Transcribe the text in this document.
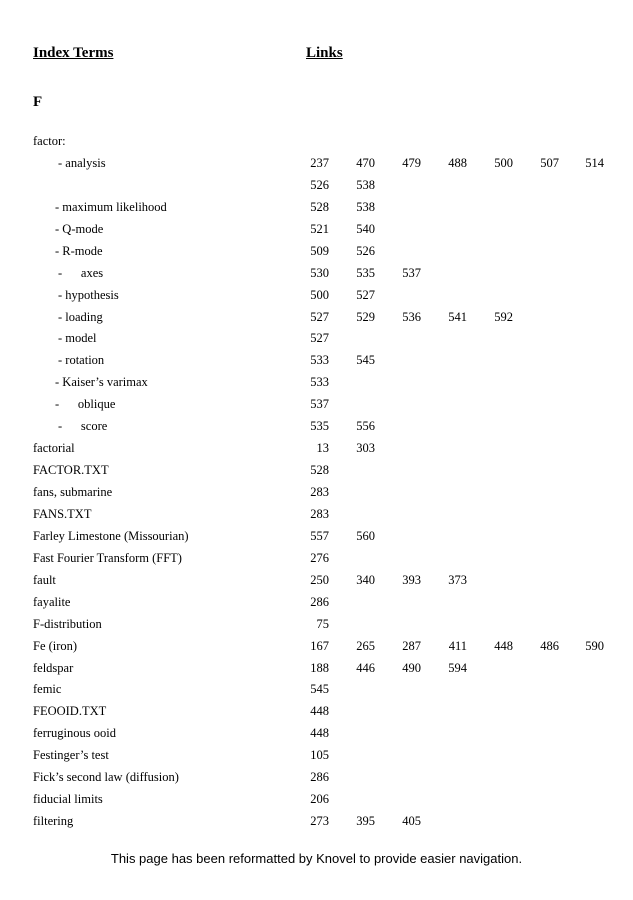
Index Terms	Links
F
factor:
- analysis	237	470	479	488	500	507	514
526	538
- maximum likelihood	528	538
- Q-mode	521	540
- R-mode	509	526
-      axes	530	535	537
- hypothesis	500	527
- loading	527	529	536	541	592
- model	527
- rotation	533	545
- Kaiser’s varimax	533
-      oblique	537
-      score	535	556
factorial	13	303
FACTOR.TXT	528
fans, submarine	283
FANS.TXT	283
Farley Limestone (Missourian)	557	560
Fast Fourier Transform (FFT)	276
fault	250	340	393	373
fayalite	286
F-distribution	75
Fe (iron)	167	265	287	411	448	486	590
feldspar	188	446	490	594
femic	545
FEOOID.TXT	448
ferruginous ooid	448
Festinger’s test	105
Fick’s second law (diffusion)	286
fiducial limits	206
filtering	273	395	405
This page has been reformatted by Knovel to provide easier navigation.
